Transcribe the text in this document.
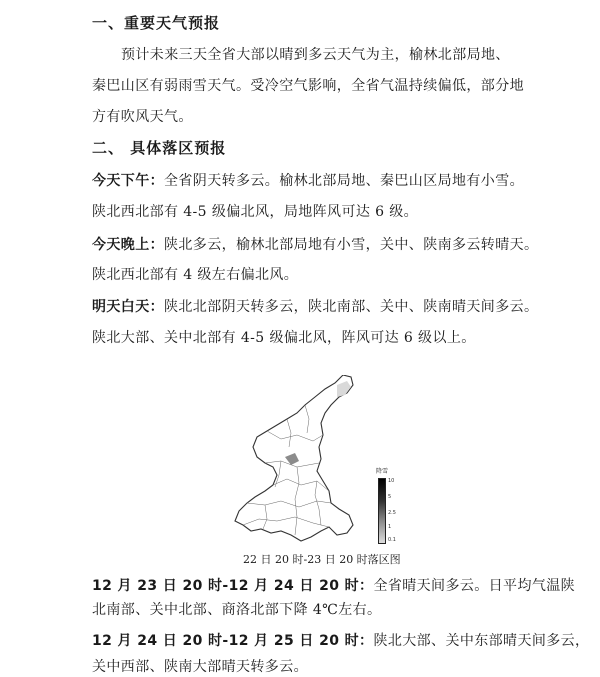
一、重要天气预报
预计未来三天全省大部以晴到多云天气为主，榆林北部局地、
秦巴山区有弱雨雪天气。受冷空气影响，全省气温持续偏低，部分地
方有吹风天气。
二、 具体落区预报
今天下午：全省阴天转多云。榆林北部局地、秦巴山区局地有小雪。
陕北西北部有 4-5 级偏北风，局地阵风可达 6 级。
今天晚上：陕北多云，榆林北部局地有小雪，关中、陕南多云转晴天。
陕北西北部有 4 级左右偏北风。
明天白天：陕北北部阴天转多云，陕北南部、关中、陕南晴天间多云。
陕北大部、关中北部有 4-5 级偏北风，阵风可达 6 级以上。
降雪
10
5
2.5
1
0.1
22 日 20 时-23 日 20 时落区图
12 月 23 日 20 时-12 月 24 日 20 时：全省晴天间多云。日平均气温陕
北南部、关中北部、商洛北部下降 4℃左右。
12 月 24 日 20 时-12 月 25 日 20 时：陕北大部、关中东部晴天间多云，
关中西部、陕南大部晴天转多云。
